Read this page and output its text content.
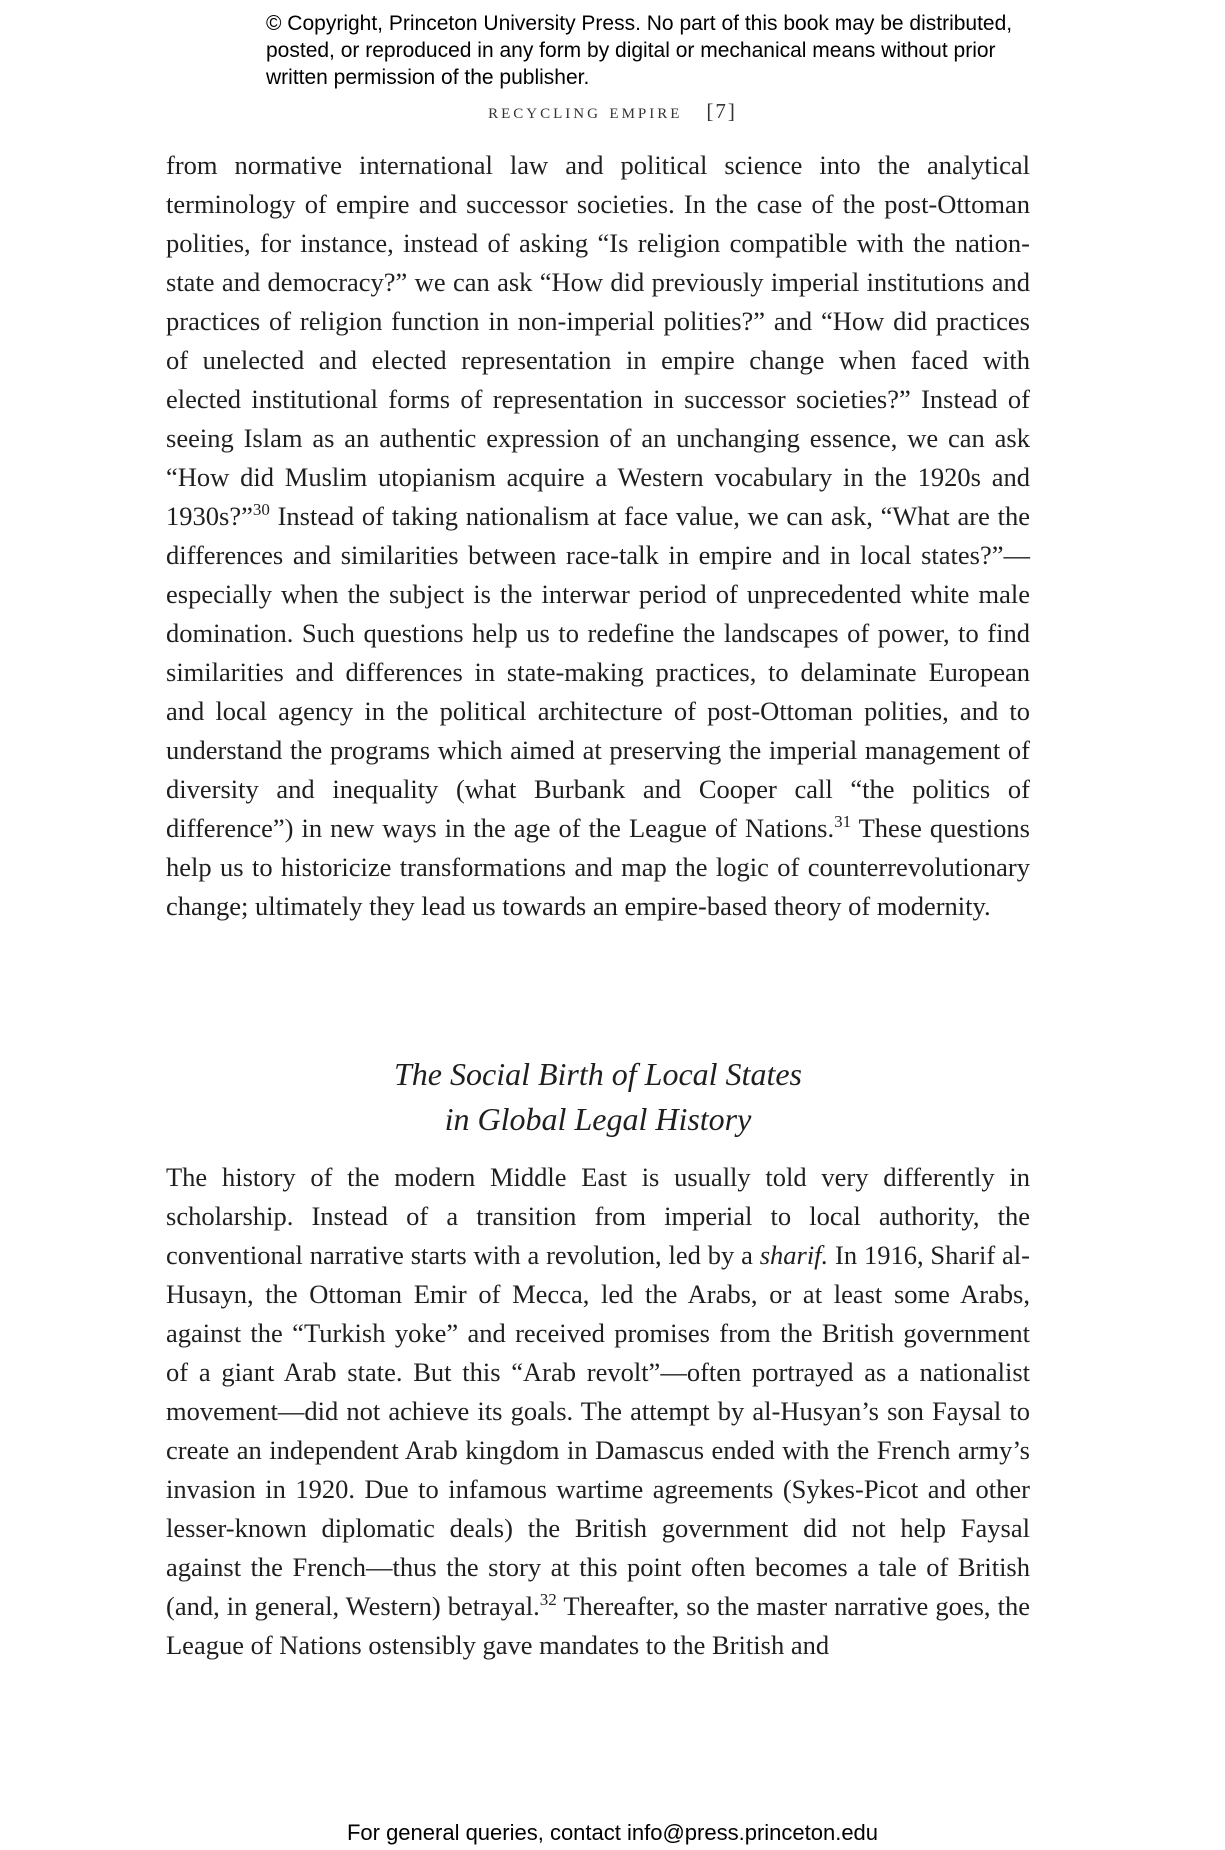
© Copyright, Princeton University Press. No part of this book may be distributed, posted, or reproduced in any form by digital or mechanical means without prior written permission of the publisher.
recycling empire [7]

from normative international law and political science into the analytical terminology of empire and successor societies. In the case of the post-Ottoman polities, for instance, instead of asking “Is religion compatible with the nation-state and democracy?” we can ask “How did previously imperial institutions and practices of religion function in non-imperial polities?” and “How did practices of unelected and elected representation in empire change when faced with elected institutional forms of representation in successor societies?” Instead of seeing Islam as an authentic expression of an unchanging essence, we can ask “How did Muslim utopianism acquire a Western vocabulary in the 1920s and 1930s?”$^{30}$ Instead of taking nationalism at face value, we can ask, “What are the differences and similarities between race-talk in empire and in local states?”—especially when the subject is the interwar period of unprecedented white male domination. Such questions help us to redefine the landscapes of power, to find similarities and differences in state-making practices, to delaminate European and local agency in the political architecture of post-Ottoman polities, and to understand the programs which aimed at preserving the imperial management of diversity and inequality (what Burbank and Cooper call “the politics of difference”) in new ways in the age of the League of Nations.$^{31}$ These questions help us to historicize transformations and map the logic of counterrevolutionary change; ultimately they lead us towards an empire-based theory of modernity.

The Social Birth of Local States
in Global Legal History

The history of the modern Middle East is usually told very differently in scholarship. Instead of a transition from imperial to local authority, the conventional narrative starts with a revolution, led by a sharif. In 1916, Sharif al-Husayn, the Ottoman Emir of Mecca, led the Arabs, or at least some Arabs, against the “Turkish yoke” and received promises from the British government of a giant Arab state. But this “Arab revolt”—often portrayed as a nationalist movement—did not achieve its goals. The attempt by al-Husyan’s son Faysal to create an independent Arab kingdom in Damascus ended with the French army’s invasion in 1920. Due to infamous wartime agreements (Sykes-Picot and other lesser-known diplomatic deals) the British government did not help Faysal against the French—thus the story at this point often becomes a tale of British (and, in general, Western) betrayal.$^{32}$ Thereafter, so the master narrative goes, the League of Nations ostensibly gave mandates to the British and

For general queries, contact info@press.princeton.edu
